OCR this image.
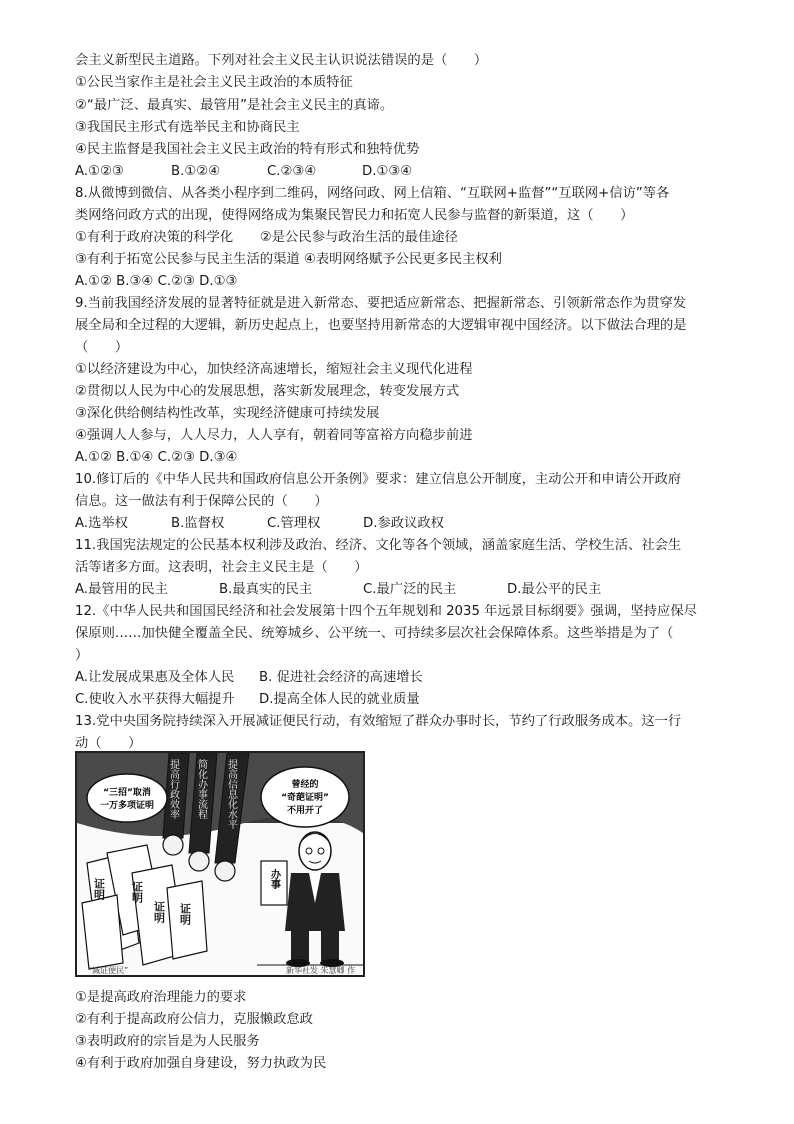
会主义新型民主道路。下列对社会主义民主认识说法错误的是（　　）
①公民当家作主是社会主义民主政治的本质特征
②“最广泛、最真实、最管用”是社会主义民主的真谛。
③我国民主形式有选举民主和协商民主
④民主监督是我国社会主义民主政治的特有形式和独特优势
A.①②③	B.①②④	C.②③④	D.①③④
8.从微博到微信、从各类小程序到二维码，网络问政、网上信箱、“互联网+监督”“互联网+信访”等各
类网络问政方式的出现，使得网络成为集聚民智民力和拓宽人民参与监督的新渠道，这（　　）
①有利于政府决策的科学化　　②是公民参与政治生活的最佳途径
③有利于拓宽公民参与民主生活的渠道 ④表明网络赋予公民更多民主权利
A.①② B.③④ C.②③ D.①③
9.当前我国经济发展的显著特征就是进入新常态、要把适应新常态、把握新常态、引领新常态作为贯穿发
展全局和全过程的大逻辑，新历史起点上，也要坚持用新常态的大逻辑审视中国经济。以下做法合理的是
（　　）
①以经济建设为中心，加快经济高速增长，缩短社会主义现代化进程
②贯彻以人民为中心的发展思想，落实新发展理念，转变发展方式
③深化供给侧结构性改革，实现经济健康可持续发展
④强调人人参与，人人尽力，人人享有，朝着同等富裕方向稳步前进
A.①② B.①④ C.②③ D.③④
10.修订后的《中华人民共和国政府信息公开条例》要求：建立信息公开制度，主动公开和申请公开政府
信息。这一做法有利于保障公民的（　　）
A.选举权	B.监督权	C.管理权	D.参政议政权
11.我国宪法规定的公民基本权利涉及政治、经济、文化等各个领域，涵盖家庭生活、学校生活、社会生
活等诸多方面。这表明，社会主义民主是（　　）
A.最管用的民主	B.最真实的民主	C.最广泛的民主	D.最公平的民主
12.《中华人民共和国国民经济和社会发展第十四个五年规划和 2035 年远景目标纲要》强调，坚持应保尽
保原则……加快健全覆盖全民、统筹城乡、公平统一、可持续多层次社会保障体系。这些举措是为了（
）
A.让发展成果惠及全体人民 B. 促进社会经济的高速增长
C.使收入水平获得大幅提升 D.提高全体人民的就业质量
13.党中央国务院持续深入开展减证便民行动，有效缩短了群众办事时长，节约了行政服务成本。这一行
动（　　）
提高行政效率 简化办事流程 提高信息化水平
“三招”取消
一万多项证明
曾经的
“奇葩证明”
不用开了
证明 证明
证明 证明
办事
“减证便民”	新华社发 朱慧卿 作
①是提高政府治理能力的要求
②有利于提高政府公信力，克服懒政怠政
③表明政府的宗旨是为人民服务
④有利于政府加强自身建设，努力执政为民
